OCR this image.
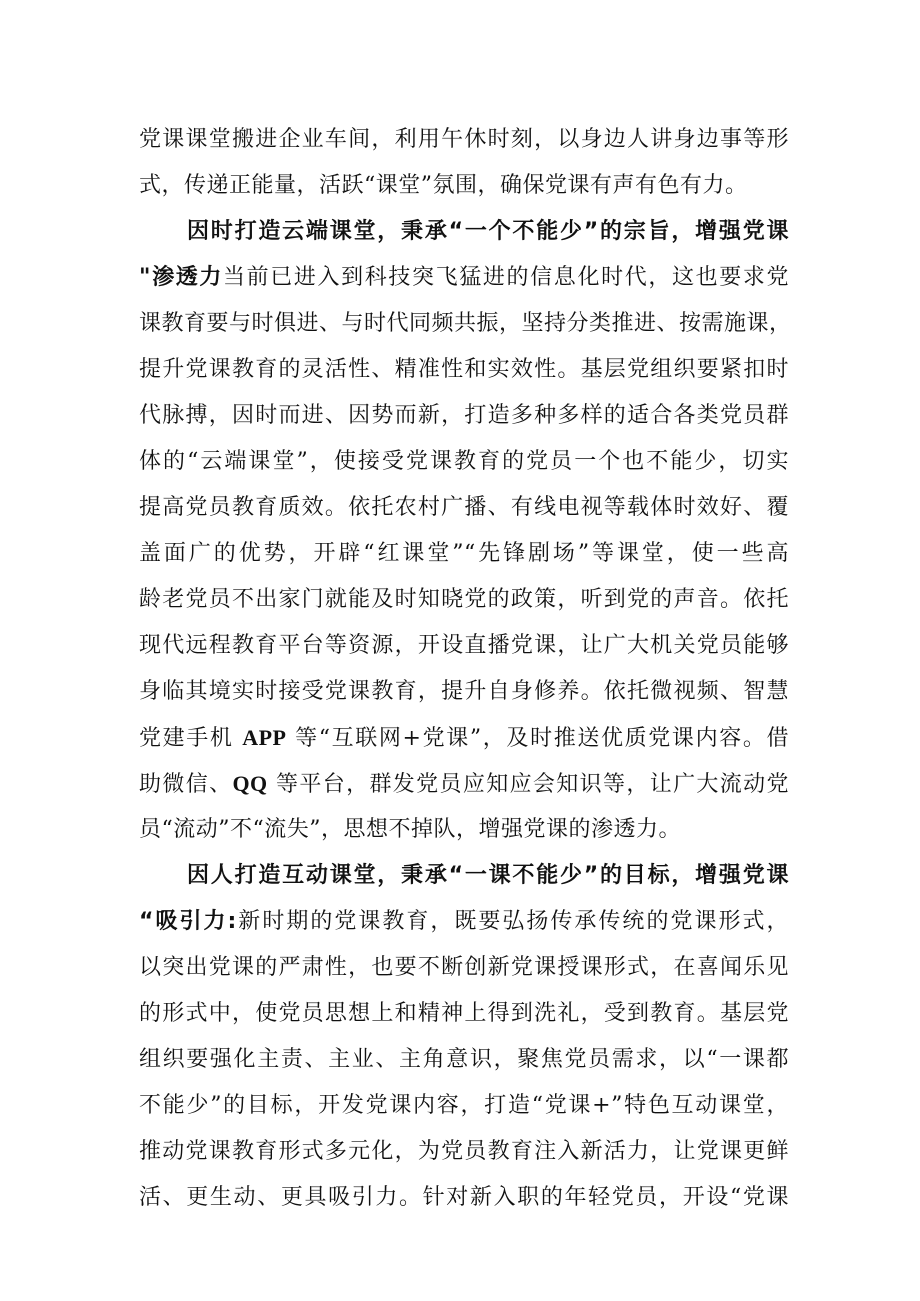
党课课堂搬进企业车间，利用午休时刻，以身边人讲身边事等形
式，传递正能量，活跃“课堂”氛围，确保党课有声有色有力。
因时打造云端课堂，秉承“一个不能少”的宗旨，增强党课
"渗透力当前已进入到科技突飞猛进的信息化时代，这也要求党
课教育要与时俱进、与时代同频共振，坚持分类推进、按需施课，
提升党课教育的灵活性、精准性和实效性。基层党组织要紧扣时
代脉搏，因时而进、因势而新，打造多种多样的适合各类党员群
体的“云端课堂”，使接受党课教育的党员一个也不能少，切实
提高党员教育质效。依托农村广播、有线电视等载体时效好、覆
盖面广的优势，开辟“红课堂”“先锋剧场”等课堂，使一些高
龄老党员不出家门就能及时知晓党的政策，听到党的声音。依托
现代远程教育平台等资源，开设直播党课，让广大机关党员能够
身临其境实时接受党课教育，提升自身修养。依托微视频、智慧
党建手机 APP 等“互联网+党课”，及时推送优质党课内容。借
助微信、QQ 等平台，群发党员应知应会知识等，让广大流动党
员“流动”不“流失”，思想不掉队，增强党课的渗透力。
因人打造互动课堂，秉承“一课不能少”的目标，增强党课
“吸引力:新时期的党课教育，既要弘扬传承传统的党课形式，
以突出党课的严肃性，也要不断创新党课授课形式，在喜闻乐见
的形式中，使党员思想上和精神上得到洗礼，受到教育。基层党
组织要强化主责、主业、主角意识，聚焦党员需求，以“一课都
不能少”的目标，开发党课内容，打造“党课+”特色互动课堂，
推动党课教育形式多元化，为党员教育注入新活力，让党课更鲜
活、更生动、更具吸引力。针对新入职的年轻党员，开设“党课
